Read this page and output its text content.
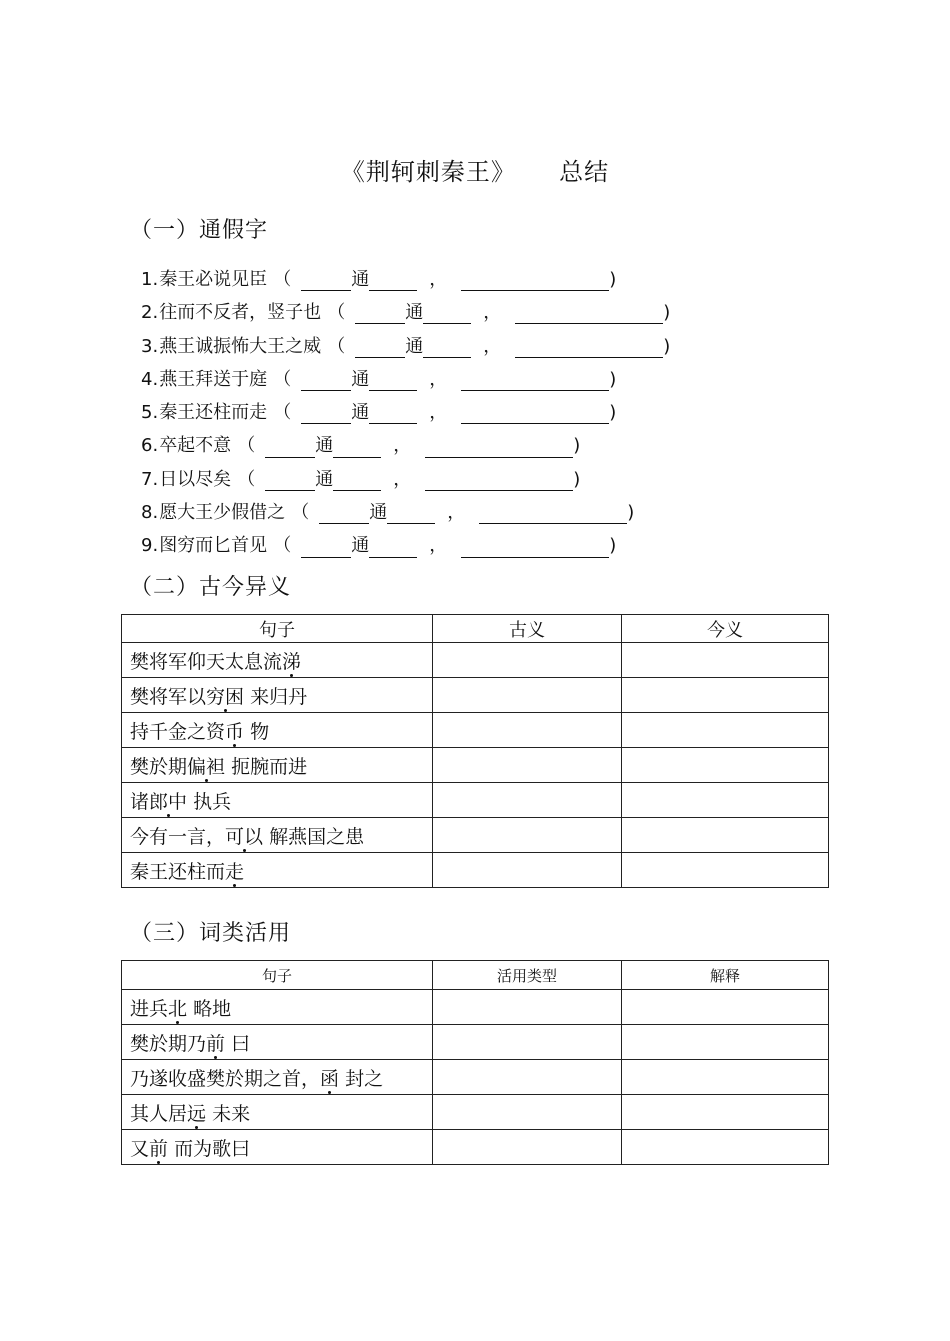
《荆轲刺秦王》     总结
（一）通假字
1. 秦王必说见臣 （	通	，	)
2. 往而不反者，竖子也 （	通	，	)
3. 燕王诚振怖大王之威 （	通	，	)
4. 燕王拜送于庭 （	通	，	)
5. 秦王还柱而走 （	通	，	)
6. 卒起不意 （	通	，	)
7. 日以尽矣 （	通	，	)
8. 愿大王少假借之 （	通	，	)
9. 图穷而匕首见 （	通	，	)
（二）古今异义
句子	古义	今义
樊将军仰天太息流涕		
樊将军以穷困 来归丹		
持千金之资币 物		
樊於期偏袒 扼腕而进		
诸郎中 执兵		
今有一言，可以 解燕国之患		
秦王还柱而走		
（三）词类活用
句子	活用类型	解释
进兵北 略地		
樊於期乃前 曰		
乃遂收盛樊於期之首，函 封之		
其人居远 未来		
又前 而为歌曰		
